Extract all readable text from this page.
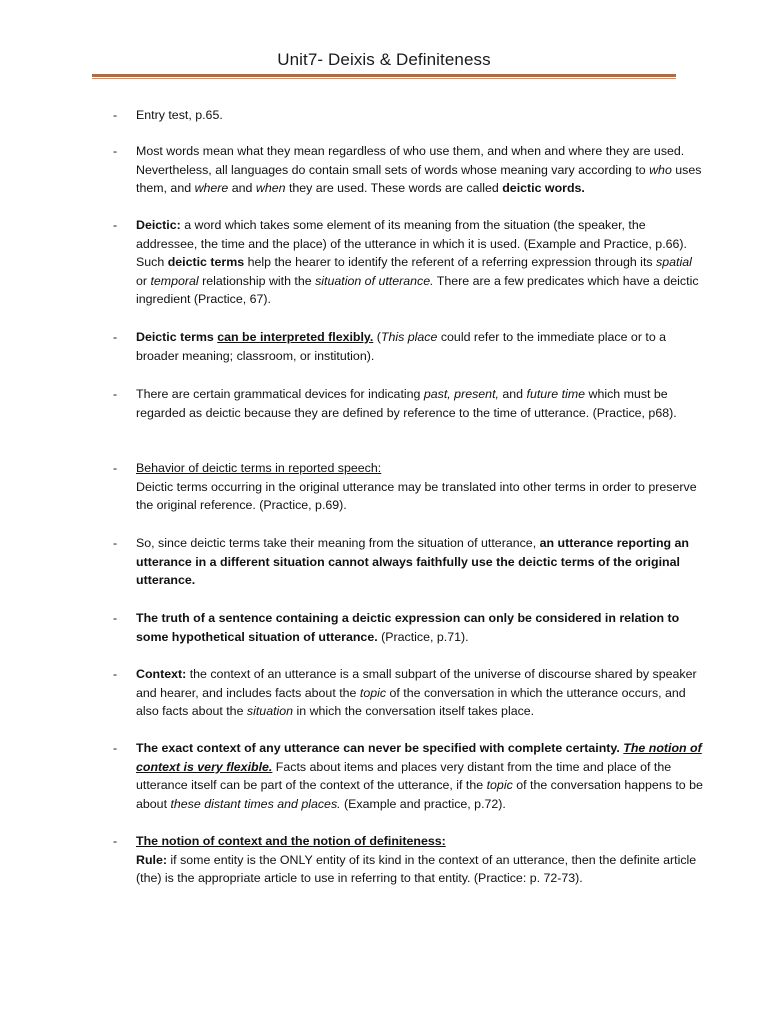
Unit7- Deixis & Definiteness
- Entry test, p.65.
- Most words mean what they mean regardless of who use them, and when and where they are used. Nevertheless, all languages do contain small sets of words whose meaning vary according to who uses them, and where and when they are used. These words are called deictic words.
- Deictic: a word which takes some element of its meaning from the situation (the speaker, the addressee, the time and the place) of the utterance in which it is used. (Example and Practice, p.66). Such deictic terms help the hearer to identify the referent of a referring expression through its spatial or temporal relationship with the situation of utterance. There are a few predicates which have a deictic ingredient (Practice, 67).
- Deictic terms can be interpreted flexibly. (This place could refer to the immediate place or to a broader meaning; classroom, or institution).
- There are certain grammatical devices for indicating past, present, and future time which must be regarded as deictic because they are defined by reference to the time of utterance. (Practice, p68).
- Behavior of deictic terms in reported speech:
Deictic terms occurring in the original utterance may be translated into other terms in order to preserve the original reference. (Practice, p.69).
- So, since deictic terms take their meaning from the situation of utterance, an utterance reporting an utterance in a different situation cannot always faithfully use the deictic terms of the original utterance.
- The truth of a sentence containing a deictic expression can only be considered in relation to some hypothetical situation of utterance. (Practice, p.71).
- Context: the context of an utterance is a small subpart of the universe of discourse shared by speaker and hearer, and includes facts about the topic of the conversation in which the utterance occurs, and also facts about the situation in which the conversation itself takes place.
- The exact context of any utterance can never be specified with complete certainty. The notion of context is very flexible. Facts about items and places very distant from the time and place of the utterance itself can be part of the context of the utterance, if the topic of the conversation happens to be about these distant times and places. (Example and practice, p.72).
- The notion of context and the notion of definiteness:
Rule: if some entity is the ONLY entity of its kind in the context of an utterance, then the definite article (the) is the appropriate article to use in referring to that entity. (Practice: p. 72-73).
